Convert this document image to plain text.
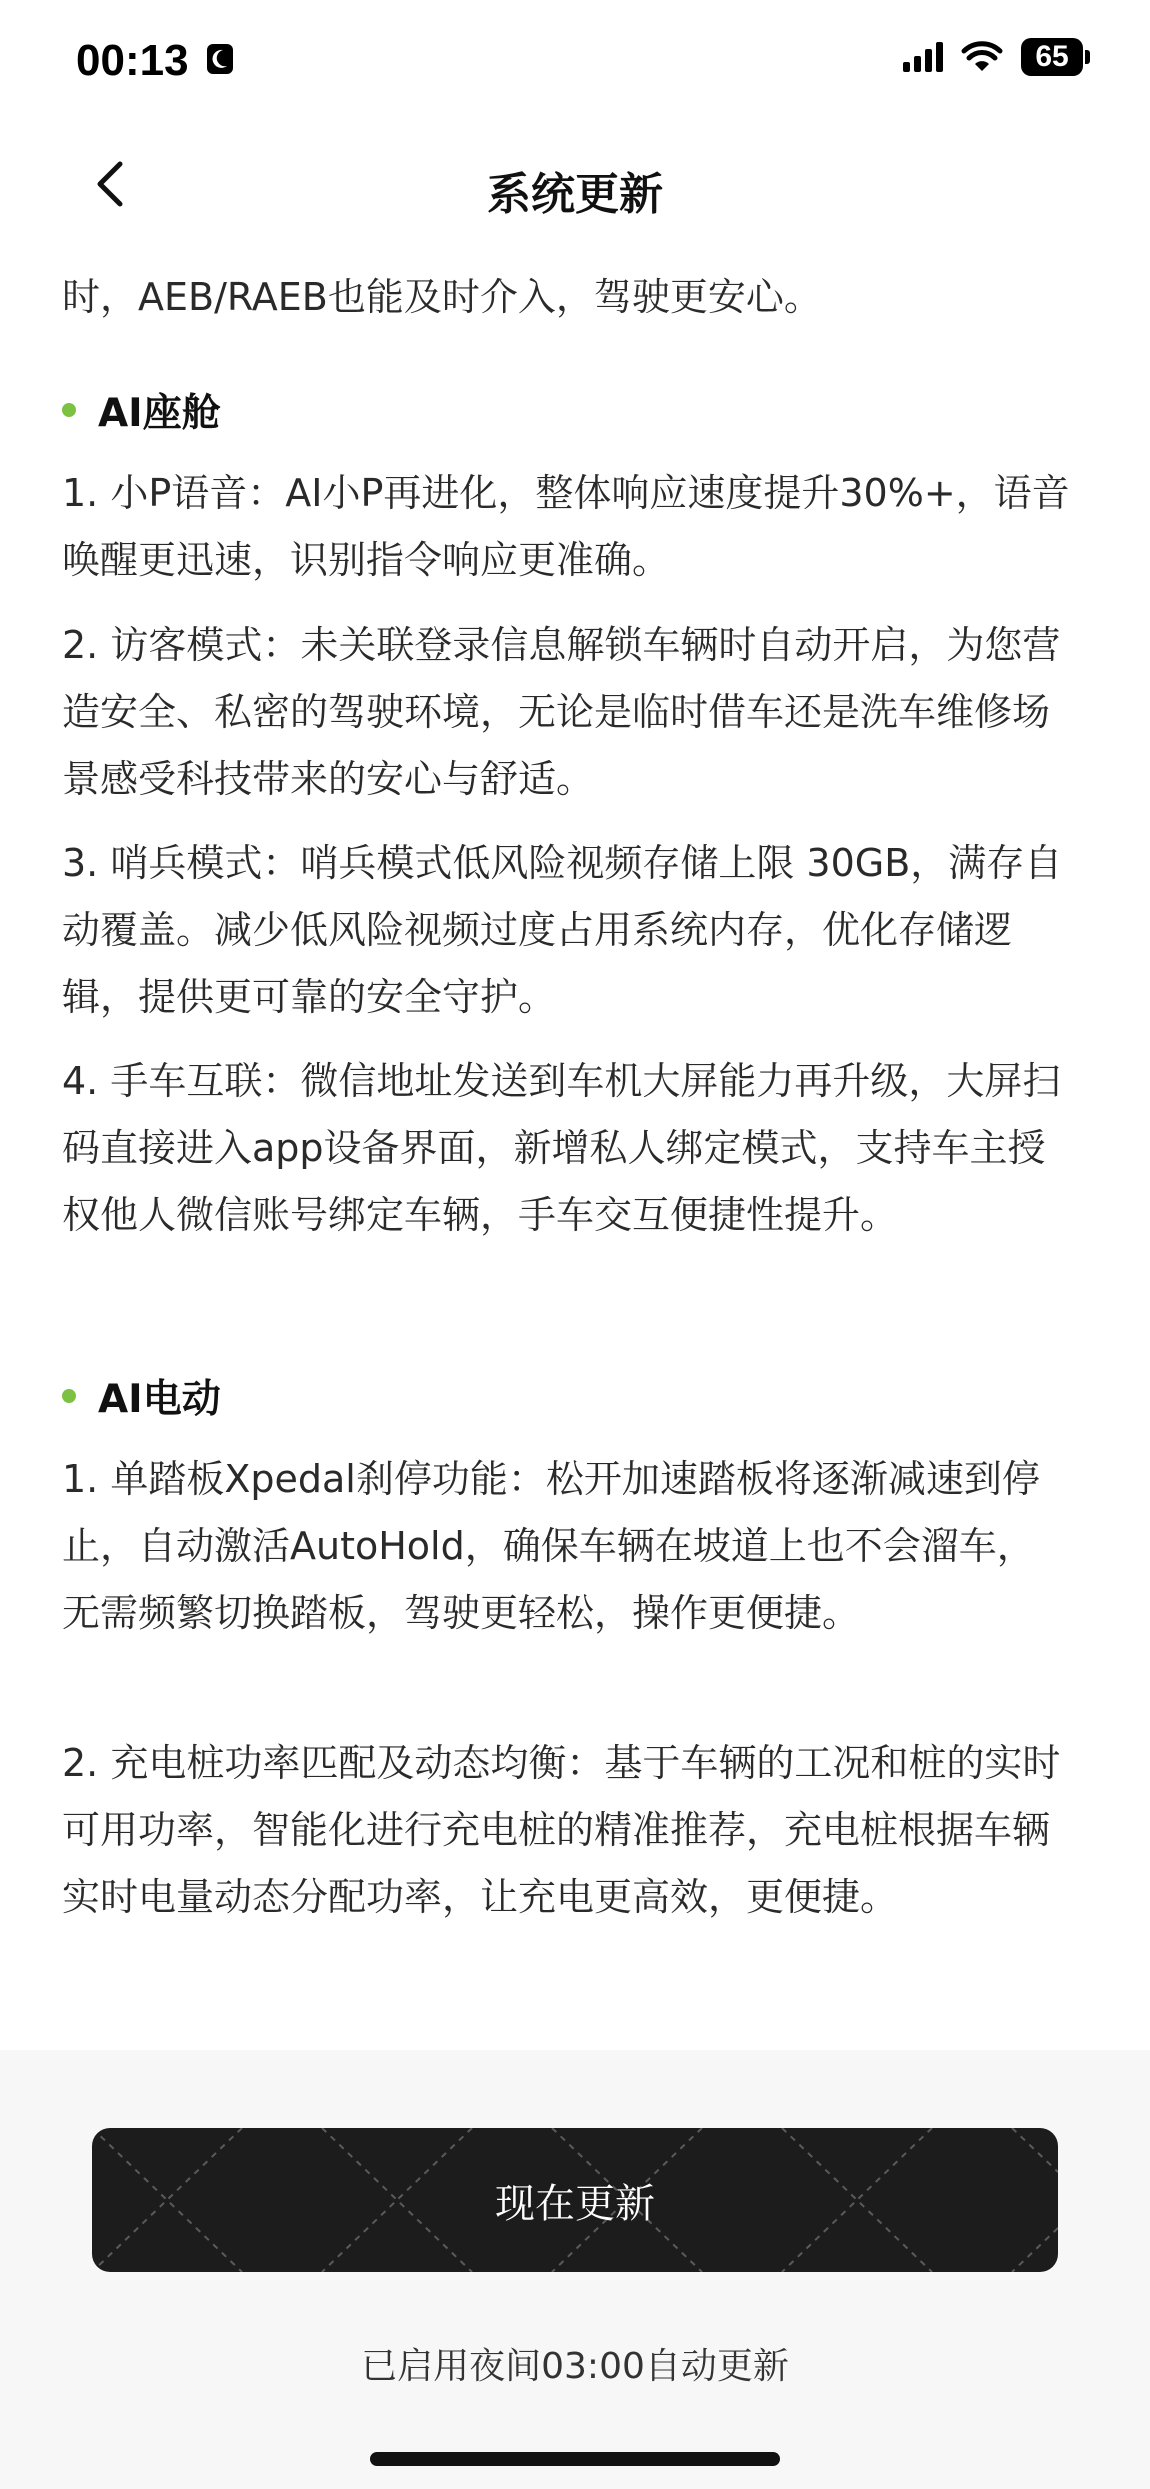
00:13	65
系统更新

时，AEB/RAEB也能及时介入，驾驶更安心。

AI座舱

1. 小P语音：AI小P再进化，整体响应速度提升30%+，语音唤醒更迅速，识别指令响应更准确。

2. 访客模式：未关联登录信息解锁车辆时自动开启，为您营造安全、私密的驾驶环境，无论是临时借车还是洗车维修场景感受科技带来的安心与舒适。

3. 哨兵模式：哨兵模式低风险视频存储上限 30GB，满存自动覆盖。减少低风险视频过度占用系统内存，优化存储逻辑，提供更可靠的安全守护。

4. 手车互联：微信地址发送到车机大屏能力再升级，大屏扫码直接进入app设备界面，新增私人绑定模式，支持车主授权他人微信账号绑定车辆，手车交互便捷性提升。

AI电动

1. 单踏板Xpedal刹停功能：松开加速踏板将逐渐减速到停止，自动激活AutoHold，确保车辆在坡道上也不会溜车，无需频繁切换踏板，驾驶更轻松，操作更便捷。

2. 充电桩功率匹配及动态均衡：基于车辆的工况和桩的实时可用功率，智能化进行充电桩的精准推荐，充电桩根据车辆实时电量动态分配功率，让充电更高效，更便捷。

现在更新
已启用夜间03:00自动更新
